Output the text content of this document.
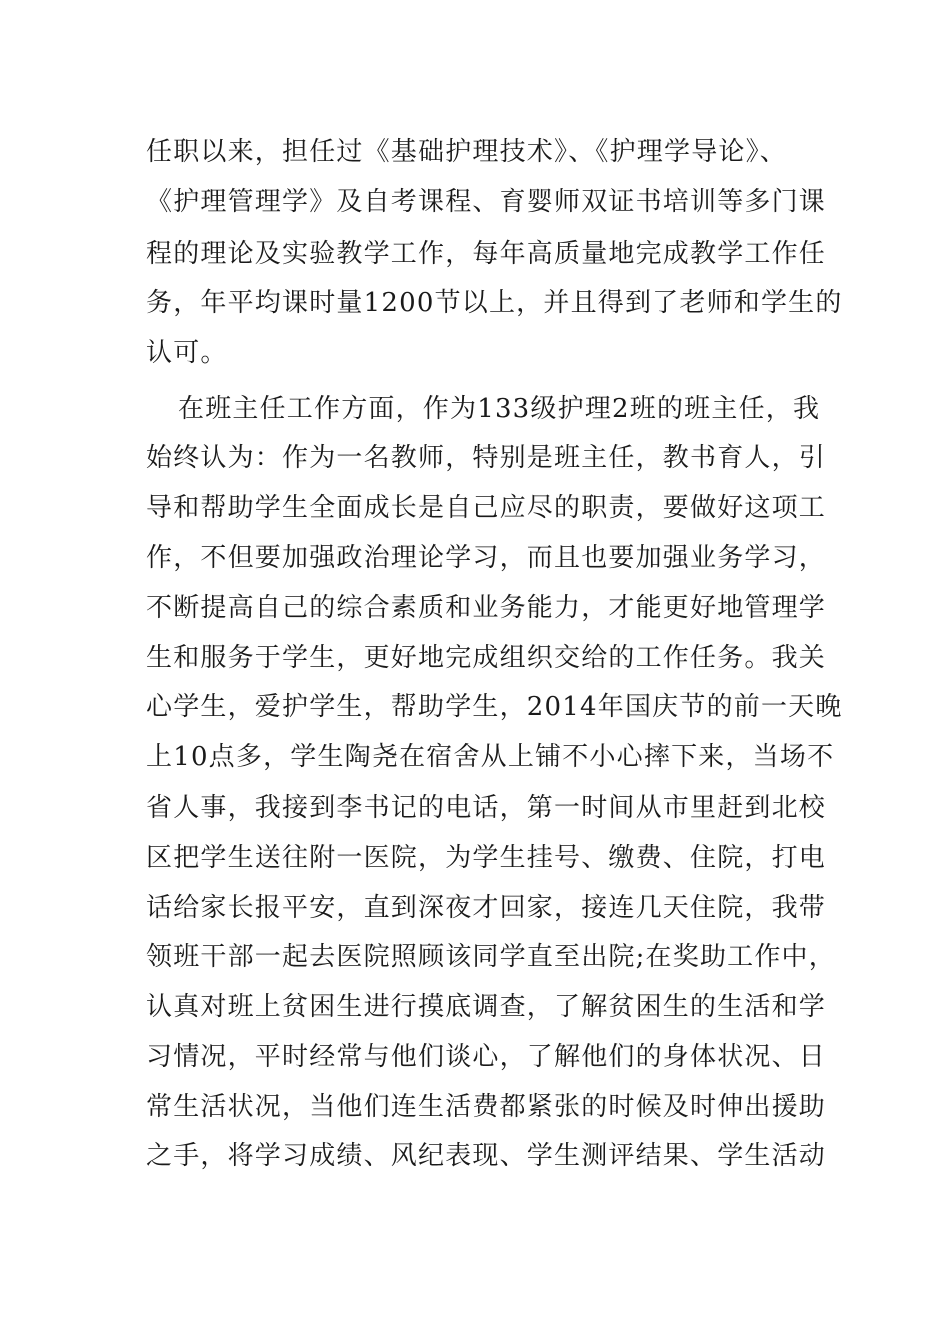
任职以来，担任过《基础护理技术》、《护理学导论》、
《护理管理学》及自考课程、育婴师双证书培训等多门课
程的理论及实验教学工作，每年高质量地完成教学工作任
务，年平均课时量1200节以上，并且得到了老师和学生的
认可。
在班主任工作方面，作为133级护理2班的班主任，我
始终认为：作为一名教师，特别是班主任，教书育人，引
导和帮助学生全面成长是自己应尽的职责，要做好这项工
作，不但要加强政治理论学习，而且也要加强业务学习，
不断提高自己的综合素质和业务能力，才能更好地管理学
生和服务于学生，更好地完成组织交给的工作任务。我关
心学生，爱护学生，帮助学生，2014年国庆节的前一天晚
上10点多，学生陶尧在宿舍从上铺不小心摔下来，当场不
省人事，我接到李书记的电话，第一时间从市里赶到北校
区把学生送往附一医院，为学生挂号、缴费、住院，打电
话给家长报平安，直到深夜才回家，接连几天住院，我带
领班干部一起去医院照顾该同学直至出院;在奖助工作中，
认真对班上贫困生进行摸底调查，了解贫困生的生活和学
习情况，平时经常与他们谈心，了解他们的身体状况、日
常生活状况，当他们连生活费都紧张的时候及时伸出援助
之手，将学习成绩、风纪表现、学生测评结果、学生活动
